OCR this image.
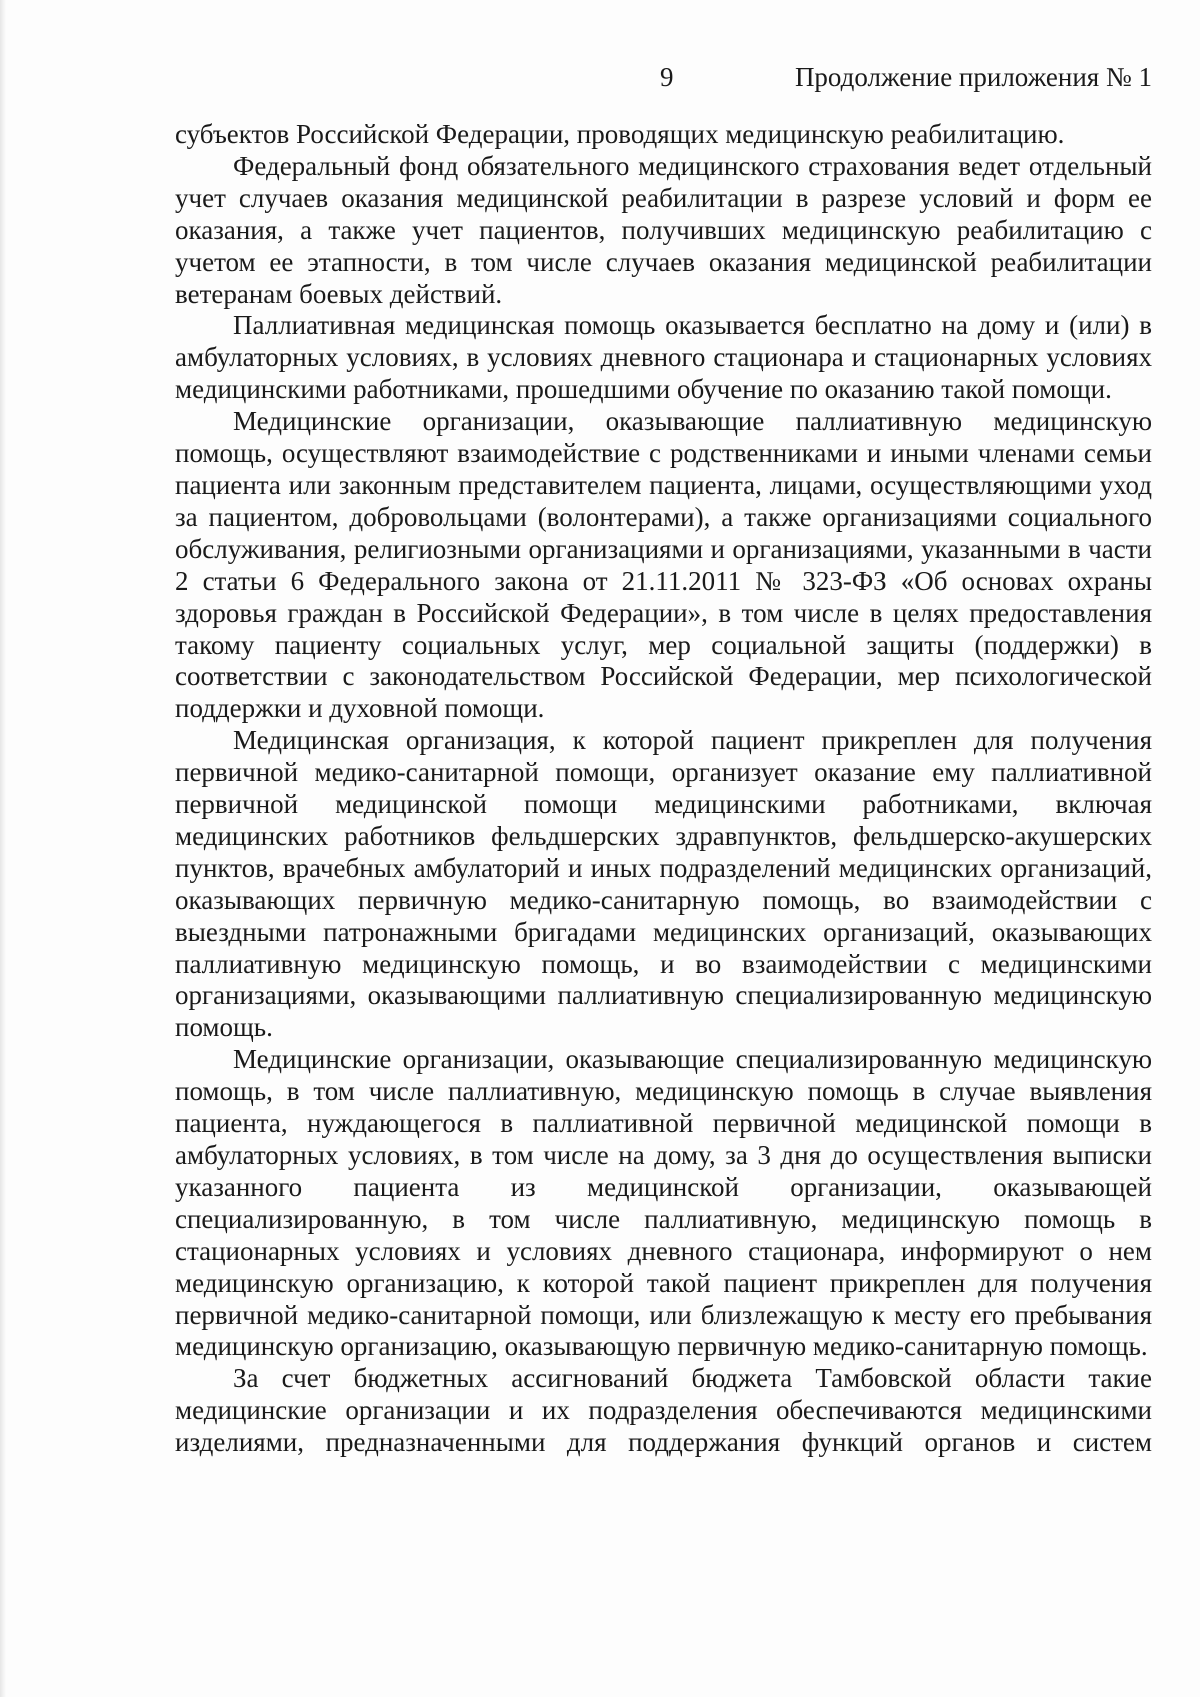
9	Продолжение приложения № 1

субъектов Российской Федерации, проводящих медицинскую реабилитацию.

Федеральный фонд обязательного медицинского страхования ведет отдельный учет случаев оказания медицинской реабилитации в разрезе условий и форм ее оказания, а также учет пациентов, получивших медицинскую реабилитацию с учетом ее этапности, в том числе случаев оказания медицинской реабилитации ветеранам боевых действий.

Паллиативная медицинская помощь оказывается бесплатно на дому и (или) в амбулаторных условиях, в условиях дневного стационара и стационарных условиях медицинскими работниками, прошедшими обучение по оказанию такой помощи.

Медицинские организации, оказывающие паллиативную медицинскую помощь, осуществляют взаимодействие с родственниками и иными членами семьи пациента или законным представителем пациента, лицами, осуществляющими уход за пациентом, добровольцами (волонтерами), а также организациями социального обслуживания, религиозными организациями и организациями, указанными в части 2 статьи 6 Федерального закона от 21.11.2011 № 323-ФЗ «Об основах охраны здоровья граждан в Российской Федерации», в том числе в целях предоставления такому пациенту социальных услуг, мер социальной защиты (поддержки) в соответствии с законодательством Российской Федерации, мер психологической поддержки и духовной помощи.

Медицинская организация, к которой пациент прикреплен для получения первичной медико-санитарной помощи, организует оказание ему паллиативной первичной медицинской помощи медицинскими работниками, включая медицинских работников фельдшерских здравпунктов, фельдшерско-акушерских пунктов, врачебных амбулаторий и иных подразделений медицинских организаций, оказывающих первичную медико-санитарную помощь, во взаимодействии с выездными патронажными бригадами медицинских организаций, оказывающих паллиативную медицинскую помощь, и во взаимодействии с медицинскими организациями, оказывающими паллиативную специализированную медицинскую помощь.

Медицинские организации, оказывающие специализированную медицинскую помощь, в том числе паллиативную, медицинскую помощь в случае выявления пациента, нуждающегося в паллиативной первичной медицинской помощи в амбулаторных условиях, в том числе на дому, за 3 дня до осуществления выписки указанного пациента из медицинской организации, оказывающей специализированную, в том числе паллиативную, медицинскую помощь в стационарных условиях и условиях дневного стационара, информируют о нем медицинскую организацию, к которой такой пациент прикреплен для получения первичной медико-санитарной помощи, или близлежащую к месту его пребывания медицинскую организацию, оказывающую первичную медико-санитарную помощь.

За счет бюджетных ассигнований бюджета Тамбовской области такие медицинские организации и их подразделения обеспечиваются медицинскими изделиями, предназначенными для поддержания функций органов и систем
